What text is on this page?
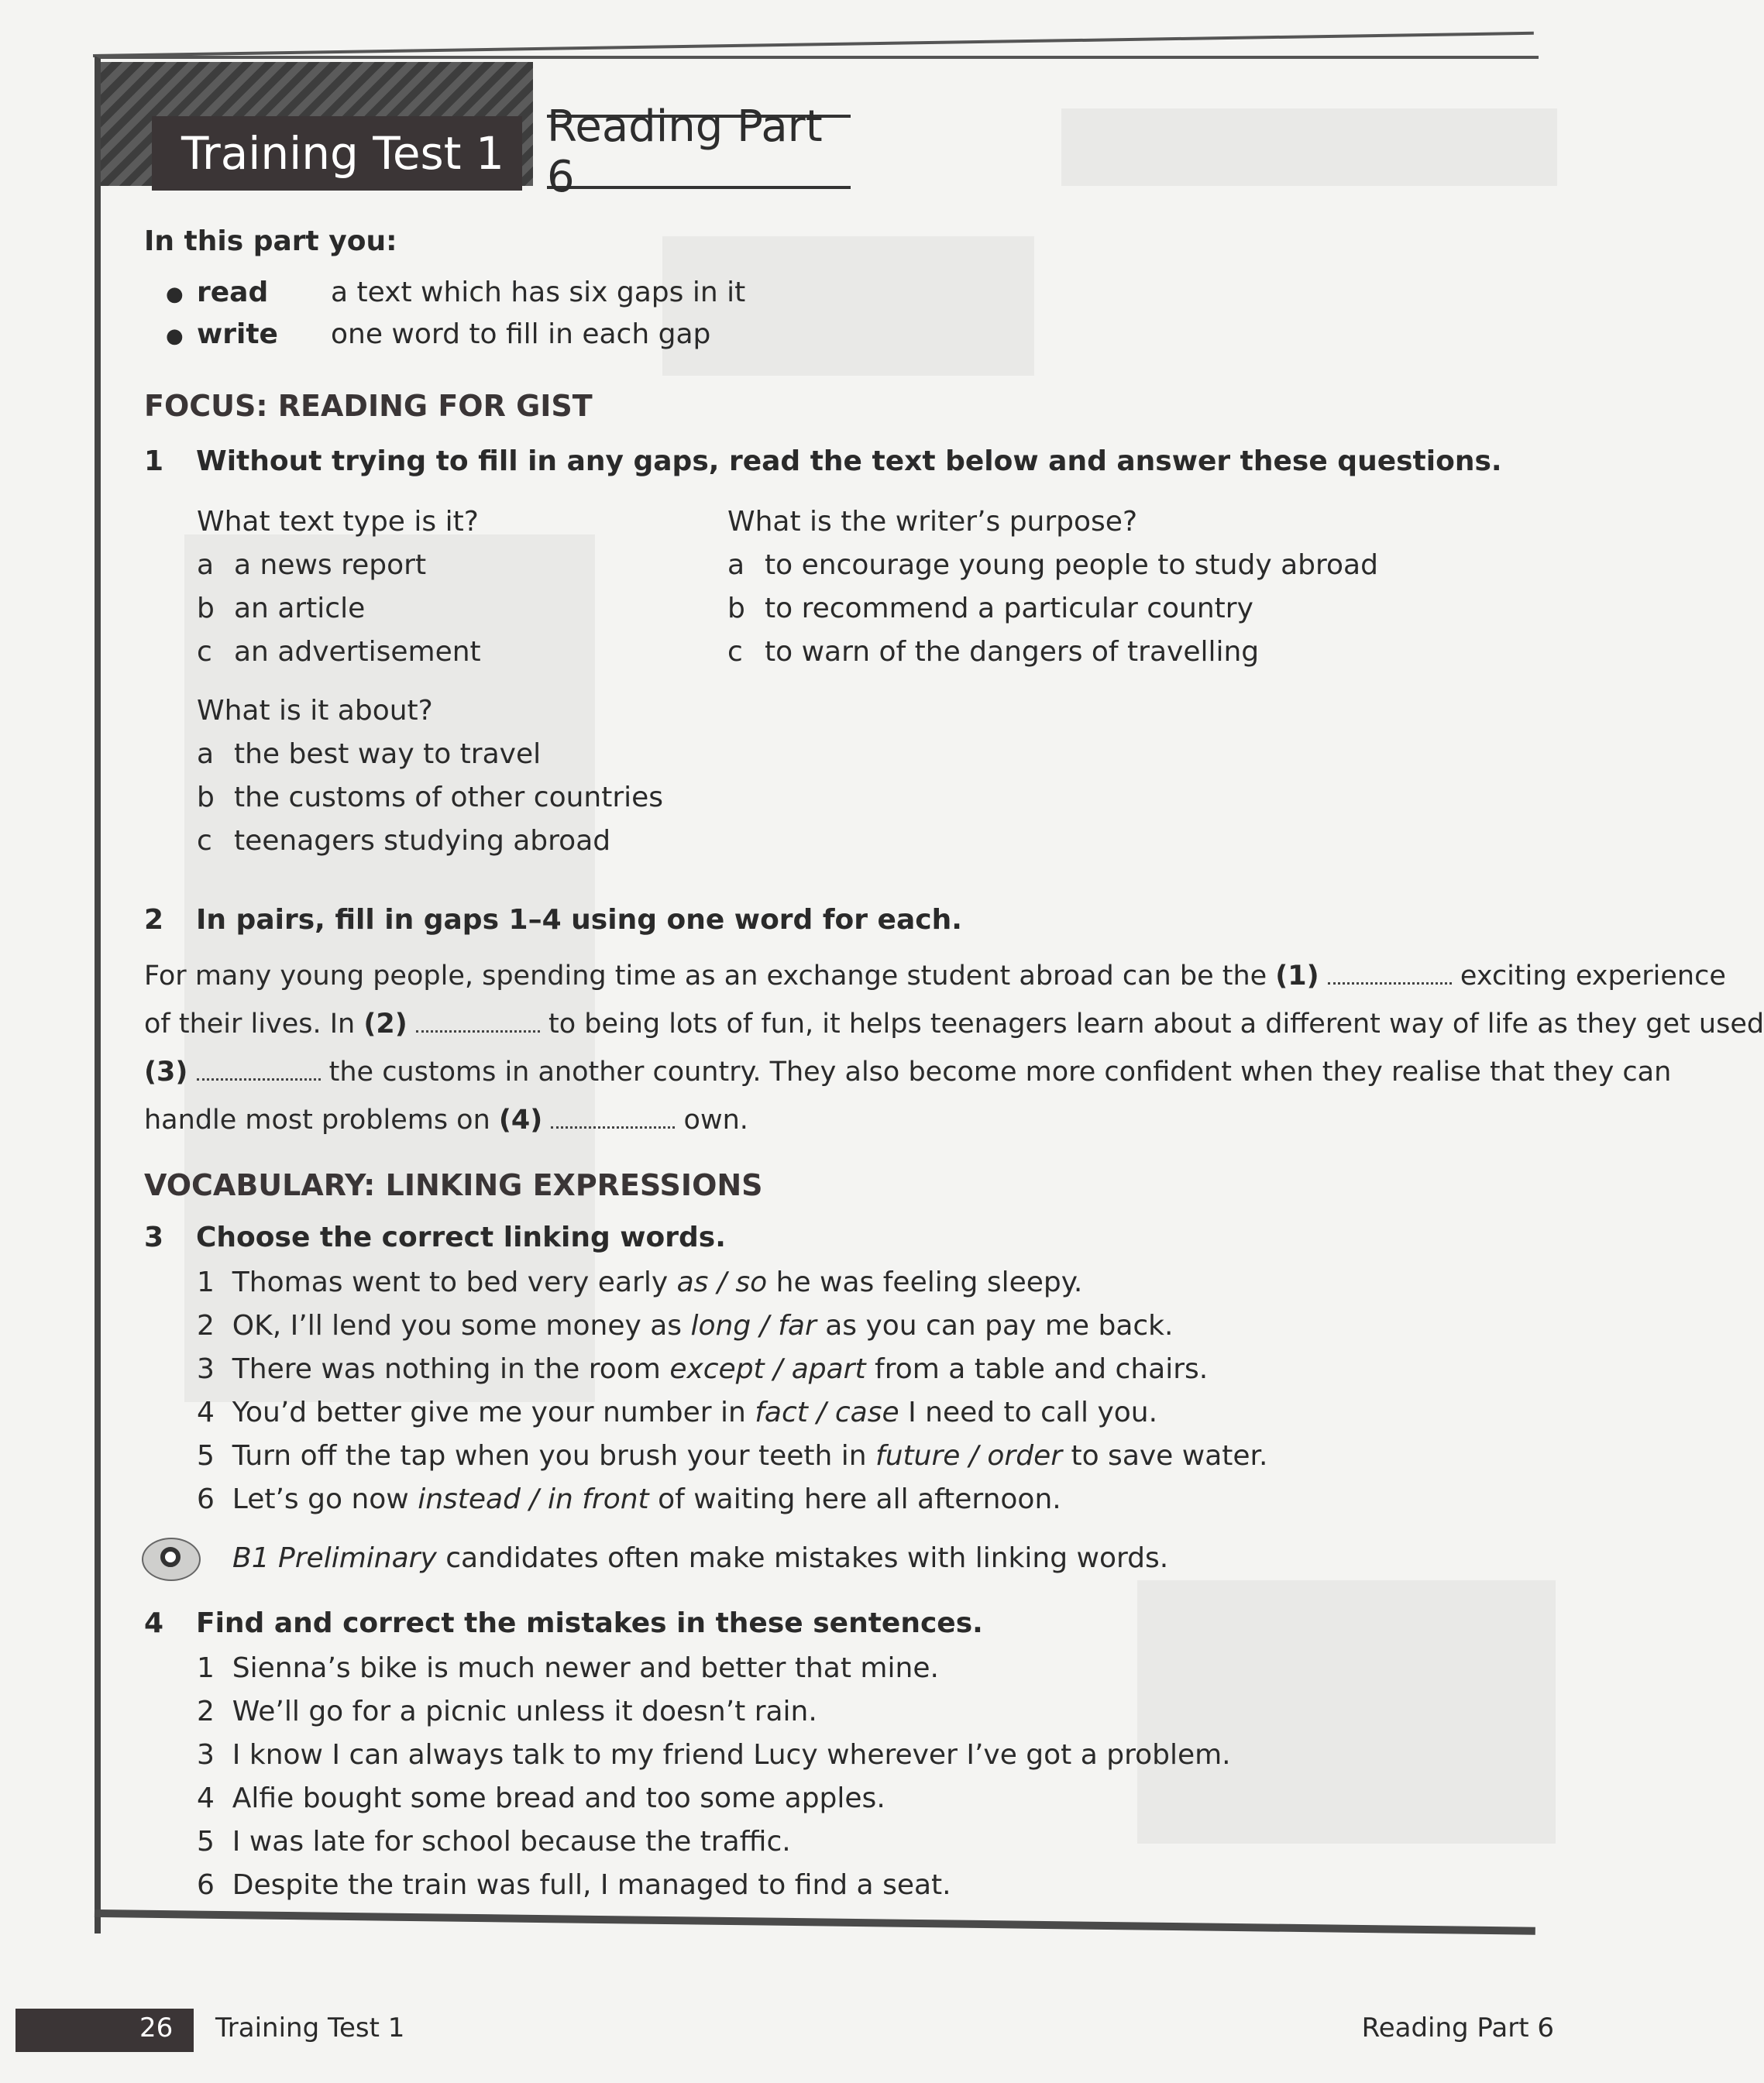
Training Test 1
Reading Part 6
In this part you:
● read a text which has six gaps in it
● write one word to fill in each gap
FOCUS: READING FOR GIST
1 Without trying to fill in any gaps, read the text below and answer these questions.
What text type is it?
a a news report
b an article
c an advertisement
What is the writer’s purpose?
a to encourage young people to study abroad
b to recommend a particular country
c to warn of the dangers of travelling
What is it about?
a the best way to travel
b the customs of other countries
c teenagers studying abroad
2 In pairs, fill in gaps 1–4 using one word for each.
For many young people, spending time as an exchange student abroad can be the (1)	exciting experience
of their lives. In (2)	to being lots of fun, it helps teenagers learn about a different way of life as they get used
(3)	the customs in another country. They also become more confident when they realise that they can
handle most problems on (4)	own.
VOCABULARY: LINKING EXPRESSIONS
3 Choose the correct linking words.
1 Thomas went to bed very early as / so he was feeling sleepy.
2 OK, I’ll lend you some money as long / far as you can pay me back.
3 There was nothing in the room except / apart from a table and chairs.
4 You’d better give me your number in fact / case I need to call you.
5 Turn off the tap when you brush your teeth in future / order to save water.
6 Let’s go now instead / in front of waiting here all afternoon.
B1 Preliminary candidates often make mistakes with linking words.
4 Find and correct the mistakes in these sentences.
1 Sienna’s bike is much newer and better that mine.
2 We’ll go for a picnic unless it doesn’t rain.
3 I know I can always talk to my friend Lucy wherever I’ve got a problem.
4 Alfie bought some bread and too some apples.
5 I was late for school because the traffic.
6 Despite the train was full, I managed to find a seat.
26 Training Test 1	Reading Part 6
